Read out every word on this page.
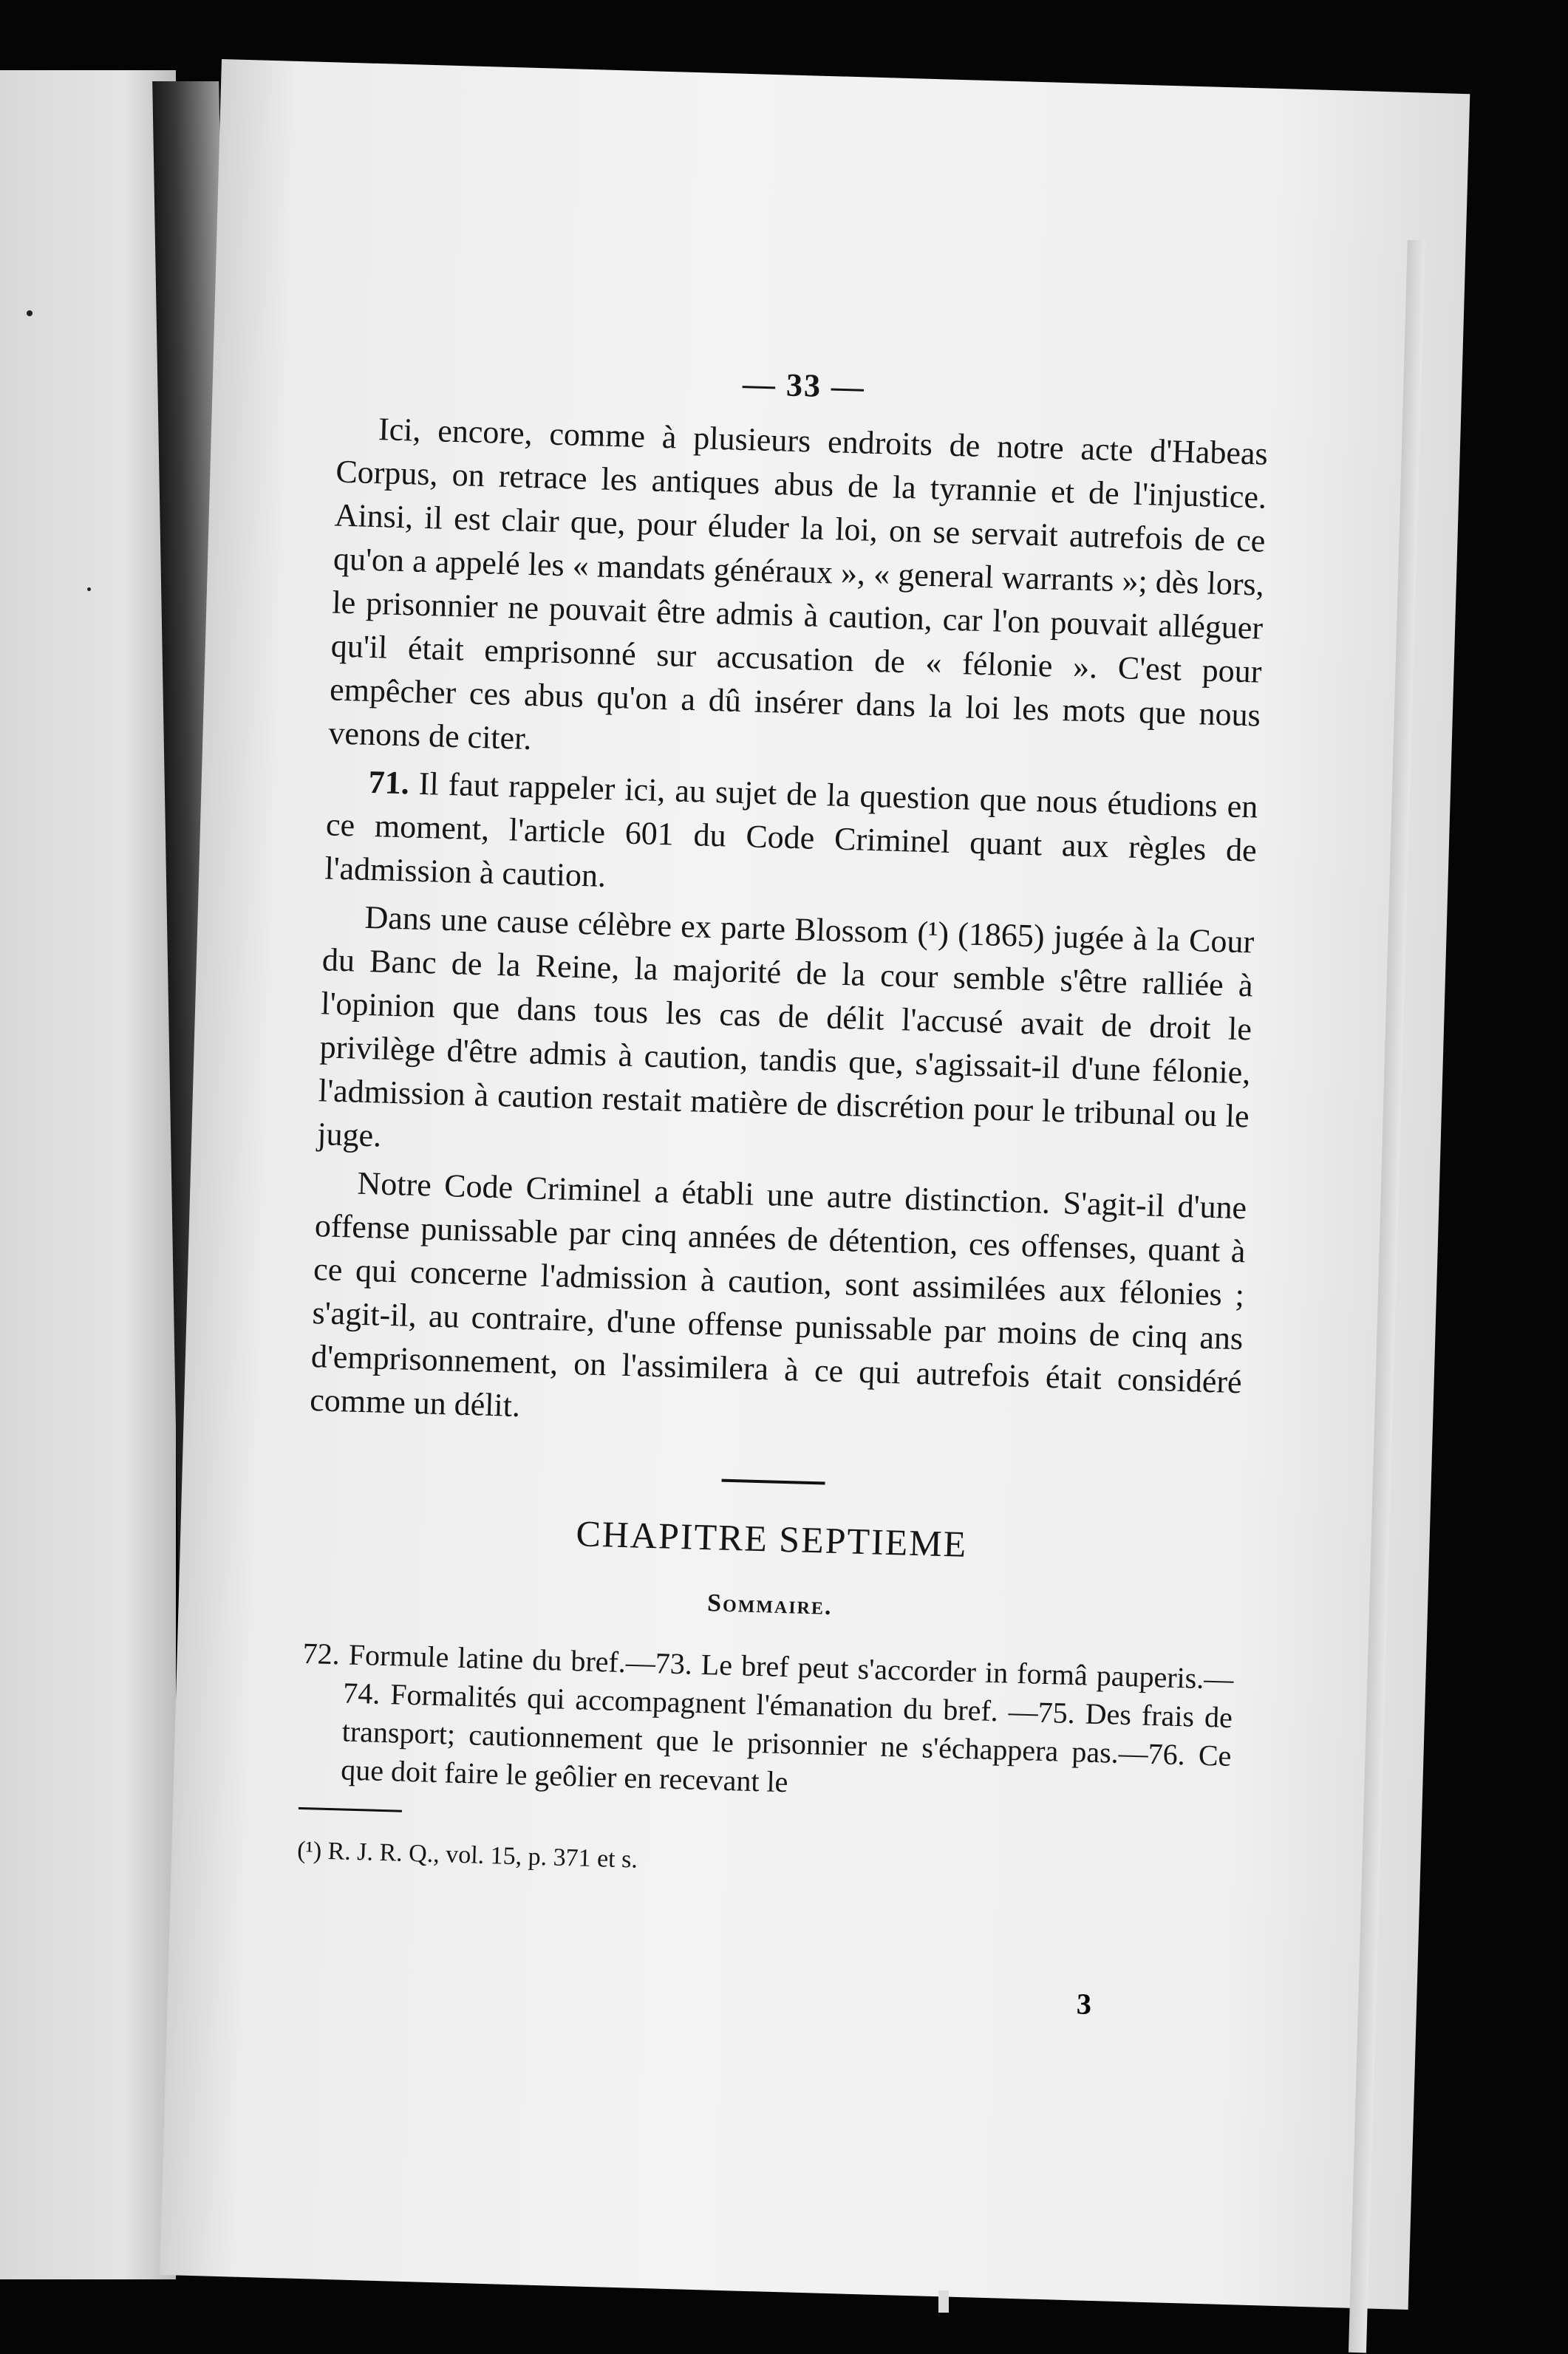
— 33 —

Ici, encore, comme à plusieurs endroits de notre acte d'Habeas Corpus, on retrace les antiques abus de la tyrannie et de l'injustice. Ainsi, il est clair que, pour éluder la loi, on se servait autrefois de ce qu'on a appelé les « mandats généraux », « general warrants »; dès lors, le prisonnier ne pouvait être admis à caution, car l'on pouvait alléguer qu'il était emprisonné sur accusation de « félonie ». C'est pour empêcher ces abus qu'on a dû insérer dans la loi les mots que nous venons de citer.

71. Il faut rappeler ici, au sujet de la question que nous étudions en ce moment, l'article 601 du Code Criminel quant aux règles de l'admission à caution.

Dans une cause célèbre ex parte Blossom (¹) (1865) jugée à la Cour du Banc de la Reine, la majorité de la cour semble s'être ralliée à l'opinion que dans tous les cas de délit l'accusé avait de droit le privilège d'être admis à caution, tandis que, s'agissait-il d'une félonie, l'admission à caution restait matière de discrétion pour le tribunal ou le juge.

Notre Code Criminel a établi une autre distinction. S'agit-il d'une offense punissable par cinq années de détention, ces offenses, quant à ce qui concerne l'admission à caution, sont assimilées aux félonies ; s'agit-il, au contraire, d'une offense punissable par moins de cinq ans d'emprisonnement, on l'assimilera à ce qui autrefois était considéré comme un délit.

CHAPITRE SEPTIEME
Sommaire.
72. Formule latine du bref.—73. Le bref peut s'accorder in formâ pauperis.—74. Formalités qui accompagnent l'émanation du bref. —75. Des frais de transport; cautionnement que le prisonnier ne s'échappera pas.—76. Ce que doit faire le geôlier en recevant le
(¹) R. J. R. Q., vol. 15, p. 371 et s.
3
